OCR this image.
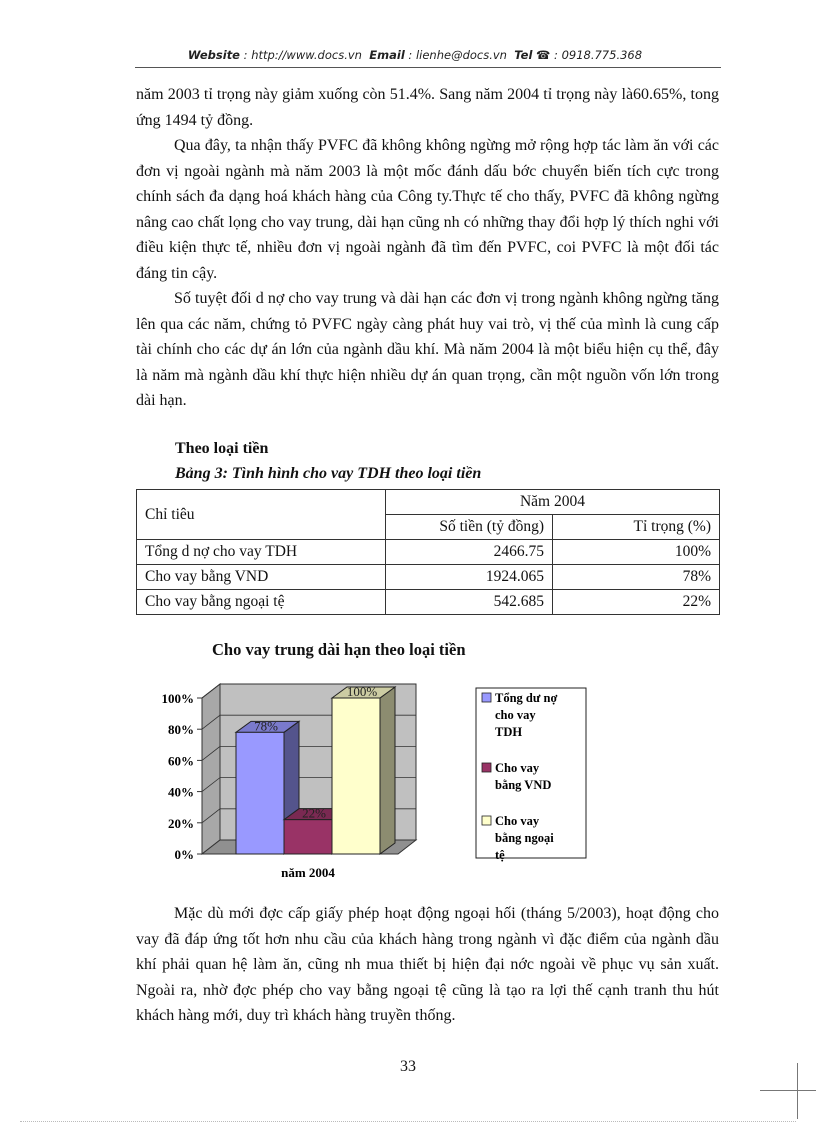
Website : http://www.docs.vn Email : lienhe@docs.vn Tel ☎ : 0918.775.368

năm 2003 tỉ trọng này giảm xuống còn 51.4%. Sang năm 2004 tỉ trọng này là60.65%, tong ứng 1494 tỷ đồng.

Qua đây, ta nhận thấy PVFC đã không không ngừng mở rộng hợp tác làm ăn với các đơn vị ngoài ngành mà năm 2003 là một mốc đánh dấu bớc chuyển biến tích cực trong chính sách đa dạng hoá khách hàng của Công ty.Thực tế cho thấy, PVFC đã không ngừng nâng cao chất lọng cho vay trung, dài hạn cũng nh có những thay đổi hợp lý thích nghi với điều kiện thực tế, nhiều đơn vị ngoài ngành đã tìm đến PVFC, coi PVFC là một đối tác đáng tin cậy.

Số tuyệt đối d nợ cho vay trung và dài hạn các đơn vị trong ngành không ngừng tăng lên qua các năm, chứng tỏ PVFC ngày càng phát huy vai trò, vị thế của mình là cung cấp tài chính cho các dự án lớn của ngành dầu khí. Mà năm 2004 là một biểu hiện cụ thể, đây là năm mà ngành dầu khí thực hiện nhiều dự án quan trọng, cần một nguồn vốn lớn trong dài hạn.

Theo loại tiền
Bảng 3: Tình hình cho vay TDH theo loại tiền
Chỉ tiêu	Năm 2004	
	Số tiền (tỷ đồng)	Tỉ trọng (%)
Tổng d nợ cho vay TDH	2466.75	100%
Cho vay bằng VND	1924.065	78%
Cho vay bằng ngoại tệ	542.685	22%
Cho vay trung dài hạn theo loại tiền
0%
20%
40%
60%
80%
100%
78%
22%
100%
năm 2004
Tổng dư nợ
cho vay
TDH
Cho vay
bằng VND
Cho vay
bằng ngoại
tệ

Mặc dù mới đợc cấp giấy phép hoạt động ngoại hối (tháng 5/2003), hoạt động cho vay đã đáp ứng tốt hơn nhu cầu của khách hàng trong ngành vì đặc điểm của ngành dầu khí phải quan hệ làm ăn, cũng nh mua thiết bị hiện đại nớc ngoài về phục vụ sản xuất. Ngoài ra, nhờ đợc phép cho vay bằng ngoại tệ cũng là tạo ra lợi thế cạnh tranh thu hút khách hàng mới, duy trì khách hàng truyền thống.

33
